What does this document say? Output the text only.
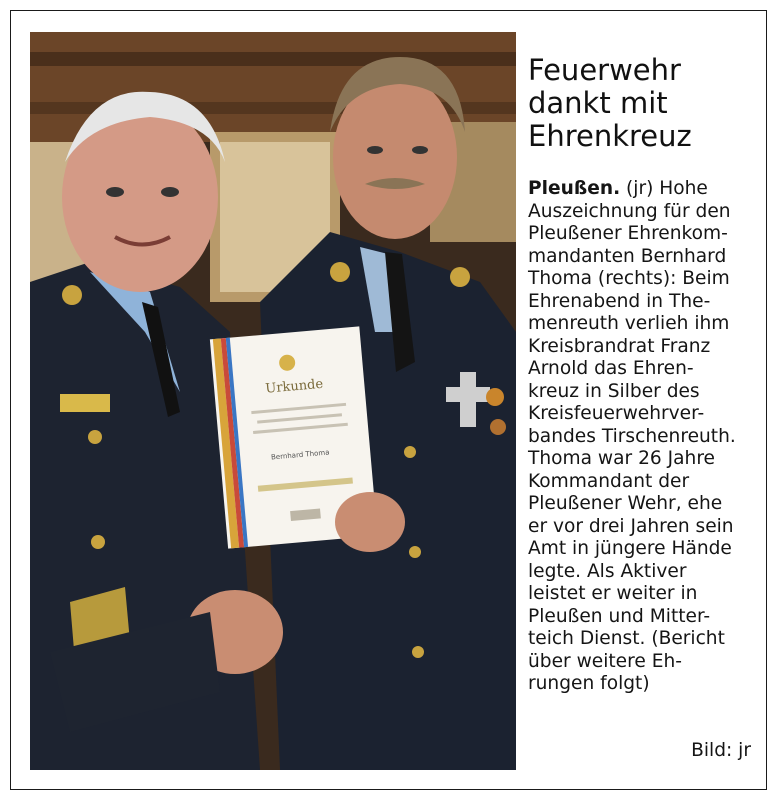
Urkunde
Bernhard Thoma
Feuerwehr
dankt mit
Ehrenkreuz
Pleußen. (jr) Hohe
Auszeichnung für den
Pleußener Ehrenkom-
mandanten Bernhard
Thoma (rechts): Beim
Ehrenabend in The-
menreuth verlieh ihm
Kreisbrandrat Franz
Arnold das Ehren-
kreuz in Silber des
Kreisfeuerwehrver-
bandes Tirschenreuth.
Thoma war 26 Jahre
Kommandant der
Pleußener Wehr, ehe
er vor drei Jahren sein
Amt in jüngere Hände
legte. Als Aktiver
leistet er weiter in
Pleußen und Mitter-
teich Dienst. (Bericht
über weitere Eh-
rungen folgt)
Bild: jr
